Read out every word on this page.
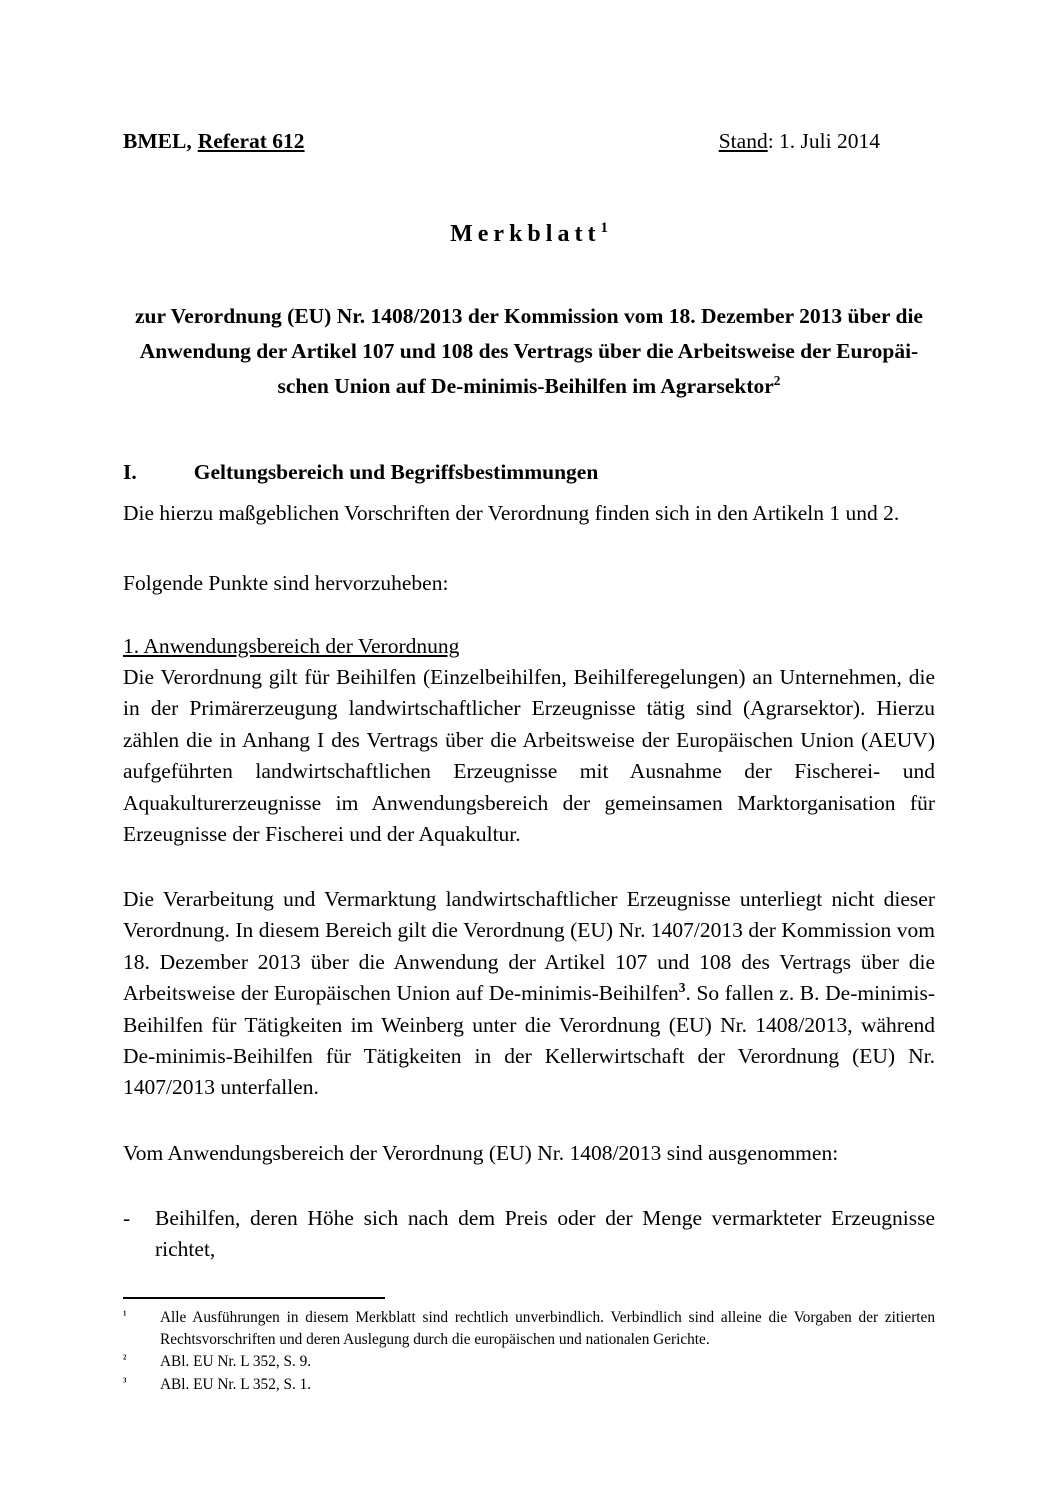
BMEL, Referat 612	Stand: 1. Juli 2014
Merkblatt$^1$
zur Verordnung (EU) Nr. 1408/2013 der Kommission vom 18. Dezember 2013 über die
Anwendung der Artikel 107 und 108 des Vertrags über die Arbeitsweise der Europäi-
schen Union auf De-minimis-Beihilfen im Agrarsektor$^2$
I.	Geltungsbereich und Begriffsbestimmungen
Die hierzu maßgeblichen Vorschriften der Verordnung finden sich in den Artikeln 1 und 2.
Folgende Punkte sind hervorzuheben:
1. Anwendungsbereich der Verordnung
Die Verordnung gilt für Beihilfen (Einzelbeihilfen, Beihilferegelungen) an Unternehmen, die in der Primärerzeugung landwirtschaftlicher Erzeugnisse tätig sind (Agrarsektor). Hierzu zählen die in Anhang I des Vertrags über die Arbeitsweise der Europäischen Union (AEUV) aufgeführten landwirtschaftlichen Erzeugnisse mit Ausnahme der Fischerei- und Aquakulturerzeugnisse im Anwendungsbereich der gemeinsamen Marktorganisation für Erzeugnisse der Fischerei und der Aquakultur.
Die Verarbeitung und Vermarktung landwirtschaftlicher Erzeugnisse unterliegt nicht dieser Verordnung. In diesem Bereich gilt die Verordnung (EU) Nr. 1407/2013 der Kommission vom 18. Dezember 2013 über die Anwendung der Artikel 107 und 108 des Vertrags über die Arbeitsweise der Europäischen Union auf De-minimis-Beihilfen$^3$. So fallen z. B. De-minimis-Beihilfen für Tätigkeiten im Weinberg unter die Verordnung (EU) Nr. 1408/2013, während De-minimis-Beihilfen für Tätigkeiten in der Kellerwirtschaft der Verordnung (EU) Nr. 1407/2013 unterfallen.
Vom Anwendungsbereich der Verordnung (EU) Nr. 1408/2013 sind ausgenommen:
-	Beihilfen, deren Höhe sich nach dem Preis oder der Menge vermarkteter Erzeugnisse richtet,
$^1$	Alle Ausführungen in diesem Merkblatt sind rechtlich unverbindlich. Verbindlich sind alleine die Vorgaben der zitierten Rechtsvorschriften und deren Auslegung durch die europäischen und nationalen Gerichte.
$^2$	ABl. EU Nr. L 352, S. 9.
$^3$	ABl. EU Nr. L 352, S. 1.
